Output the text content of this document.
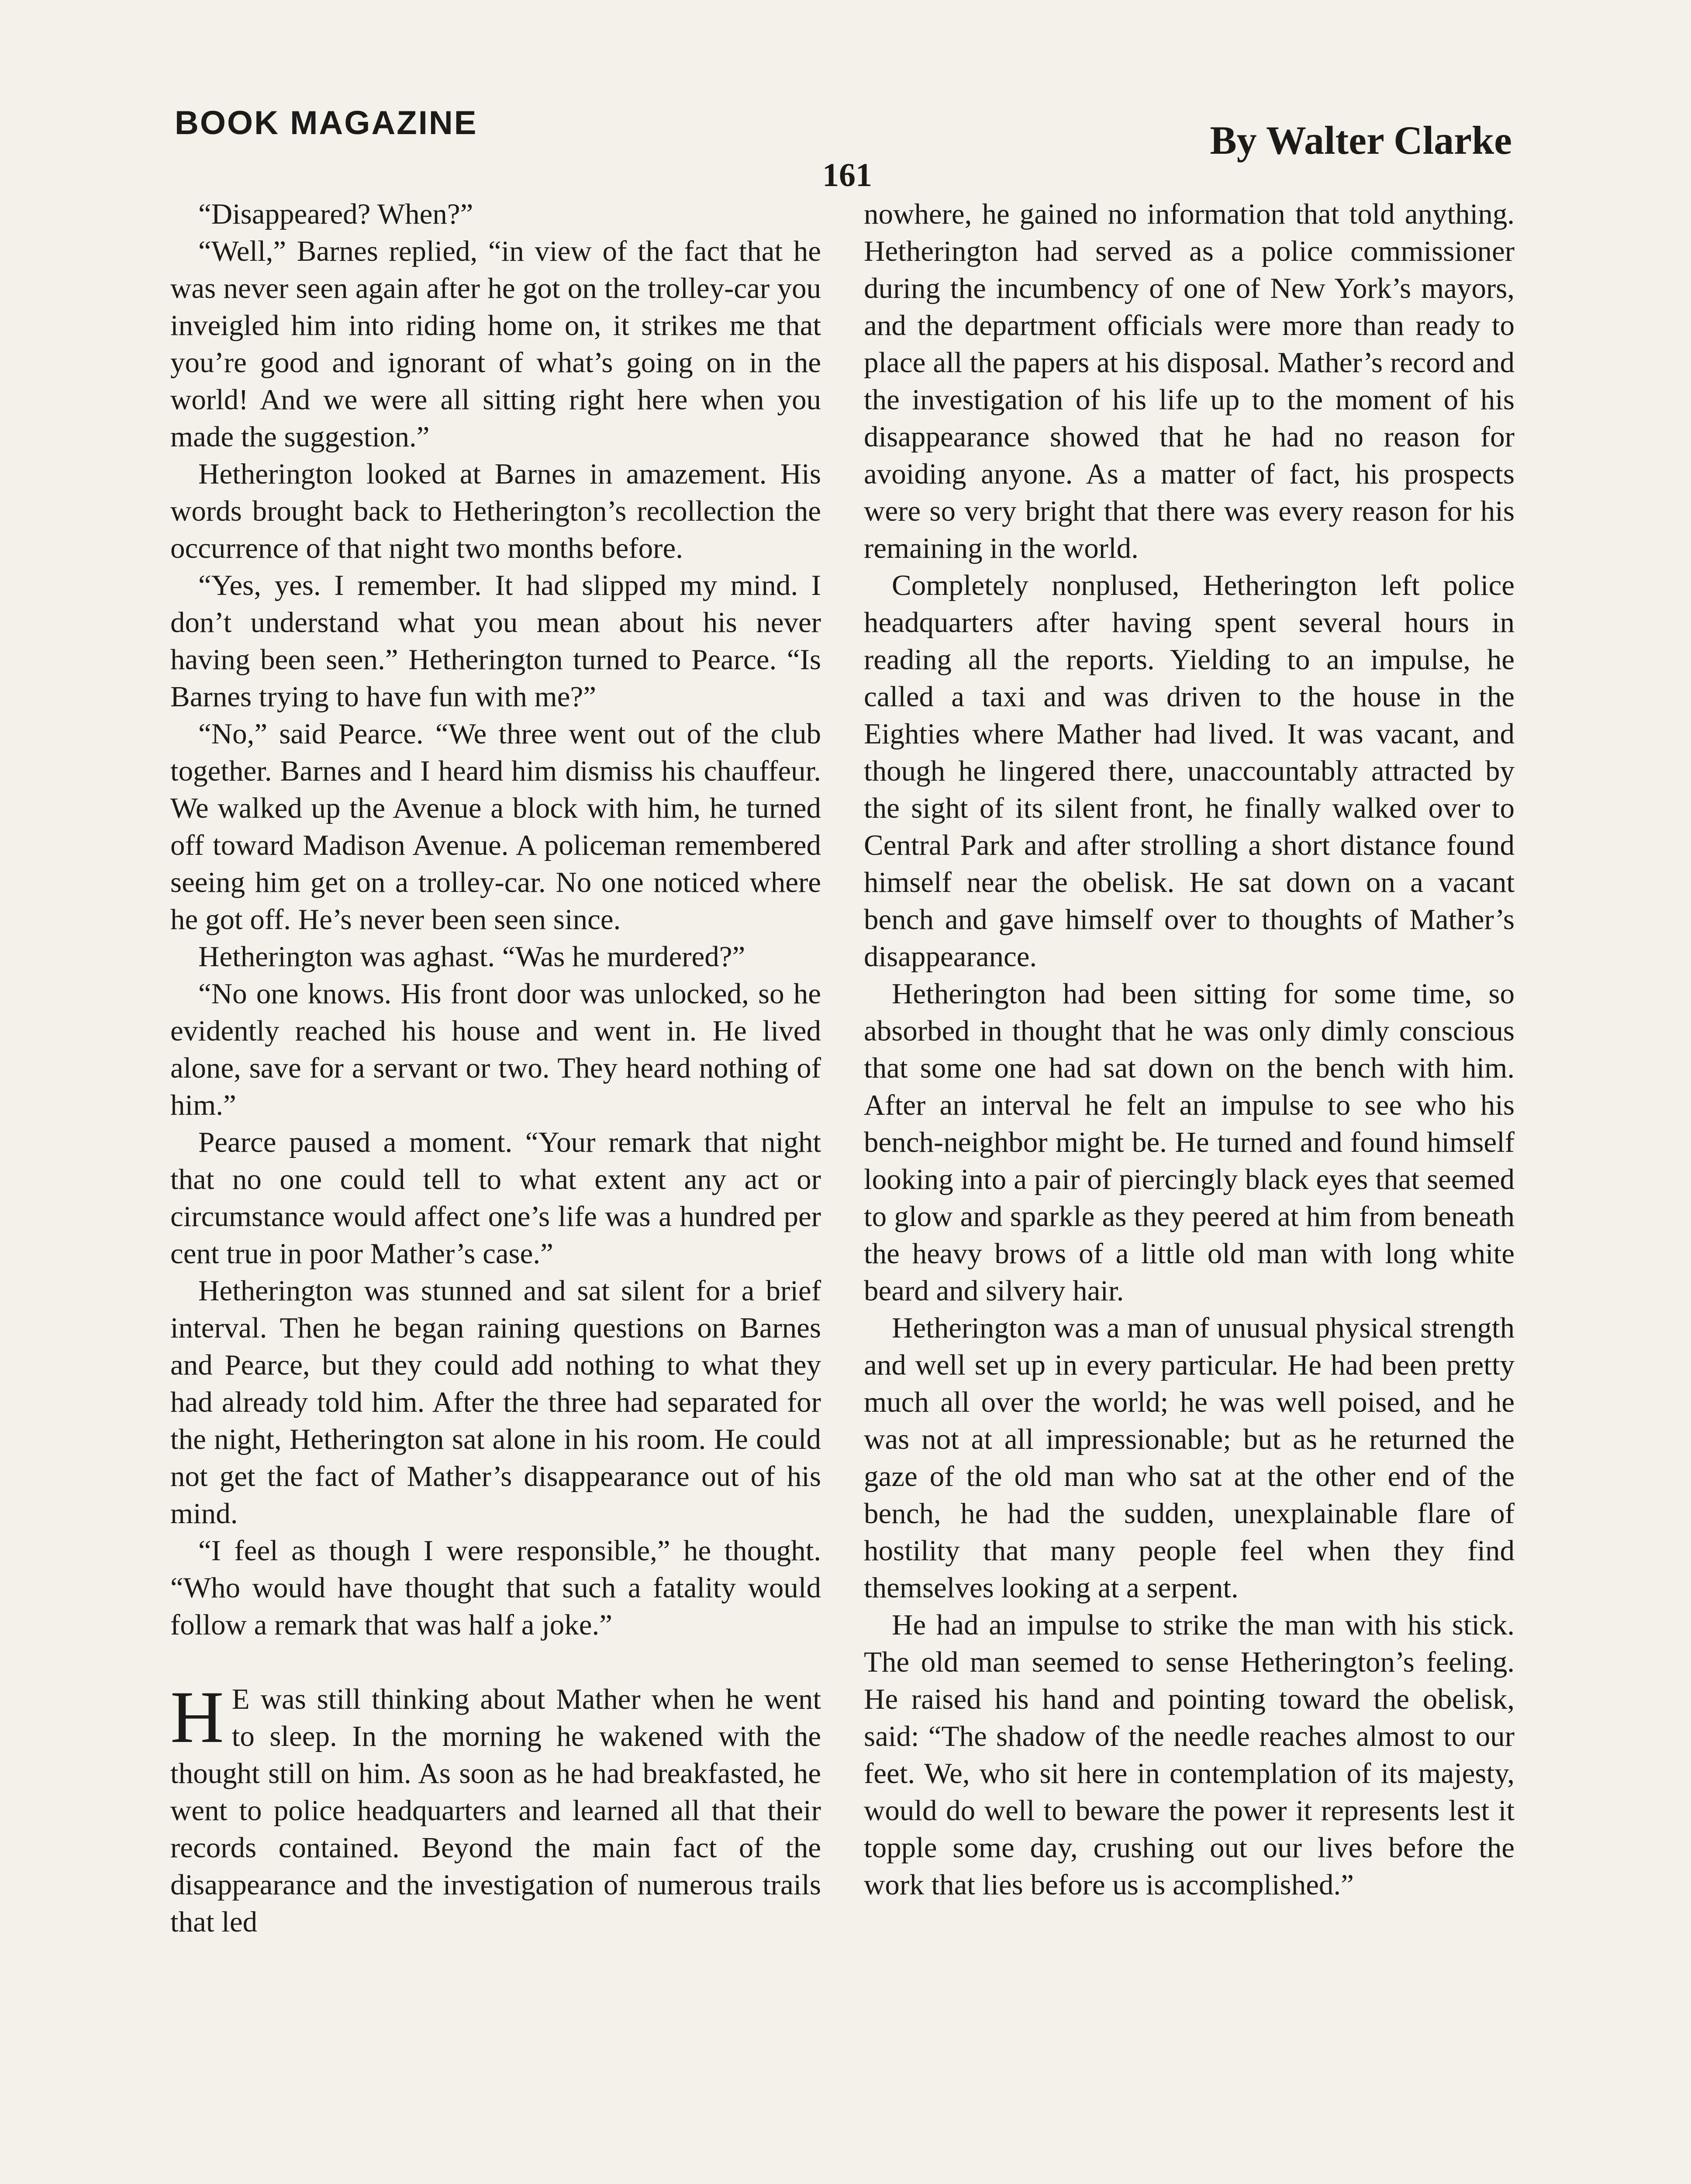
BOOK MAGAZINE	By Walter Clarke
161

“Disappeared? When?”

“Well,” Barnes replied, “in view of the fact that he was never seen again after he got on the trolley-car you inveigled him into riding home on, it strikes me that you’re good and ignorant of what’s going on in the world! And we were all sitting right here when you made the suggestion.”

Hetherington looked at Barnes in amazement. His words brought back to Hetherington’s recollection the occurrence of that night two months before.

“Yes, yes. I remember. It had slipped my mind. I don’t understand what you mean about his never having been seen.” Hetherington turned to Pearce. “Is Barnes trying to have fun with me?”

“No,” said Pearce. “We three went out of the club together. Barnes and I heard him dismiss his chauffeur. We walked up the Avenue a block with him, he turned off toward Madison Avenue. A policeman remembered seeing him get on a trolley-car. No one noticed where he got off. He’s never been seen since.

Hetherington was aghast. “Was he murdered?”

“No one knows. His front door was unlocked, so he evidently reached his house and went in. He lived alone, save for a servant or two. They heard nothing of him.”

Pearce paused a moment. “Your remark that night that no one could tell to what extent any act or circumstance would affect one’s life was a hundred per cent true in poor Mather’s case.”

Hetherington was stunned and sat silent for a brief interval. Then he began raining questions on Barnes and Pearce, but they could add nothing to what they had already told him. After the three had separated for the night, Hetherington sat alone in his room. He could not get the fact of Mather’s disappearance out of his mind.

“I feel as though I were responsible,” he thought. “Who would have thought that such a fatality would follow a remark that was half a joke.”

H E was still thinking about Mather when he went to sleep. In the morning he wakened with the thought still on him. As soon as he had breakfasted, he went to police headquarters and learned all that their records contained. Beyond the main fact of the disappearance and the investigation of numerous trails that led

nowhere, he gained no information that told anything. Hetherington had served as a police commissioner during the incumbency of one of New York’s mayors, and the department officials were more than ready to place all the papers at his disposal. Mather’s record and the investigation of his life up to the moment of his disappearance showed that he had no reason for avoiding anyone. As a matter of fact, his prospects were so very bright that there was every reason for his remaining in the world.

Completely nonplused, Hetherington left police headquarters after having spent several hours in reading all the reports. Yielding to an impulse, he called a taxi and was driven to the house in the Eighties where Mather had lived. It was vacant, and though he lingered there, unaccountably attracted by the sight of its silent front, he finally walked over to Central Park and after strolling a short distance found himself near the obelisk. He sat down on a vacant bench and gave himself over to thoughts of Mather’s disappearance.

Hetherington had been sitting for some time, so absorbed in thought that he was only dimly conscious that some one had sat down on the bench with him. After an interval he felt an impulse to see who his bench-neighbor might be. He turned and found himself looking into a pair of piercingly black eyes that seemed to glow and sparkle as they peered at him from beneath the heavy brows of a little old man with long white beard and silvery hair.

Hetherington was a man of unusual physical strength and well set up in every particular. He had been pretty much all over the world; he was well poised, and he was not at all impressionable; but as he returned the gaze of the old man who sat at the other end of the bench, he had the sudden, unexplainable flare of hostility that many people feel when they find themselves looking at a serpent.

He had an impulse to strike the man with his stick. The old man seemed to sense Hetherington’s feeling. He raised his hand and pointing toward the obelisk, said: “The shadow of the needle reaches almost to our feet. We, who sit here in contemplation of its majesty, would do well to beware the power it represents lest it topple some day, crushing out our lives before the work that lies before us is accomplished.”
